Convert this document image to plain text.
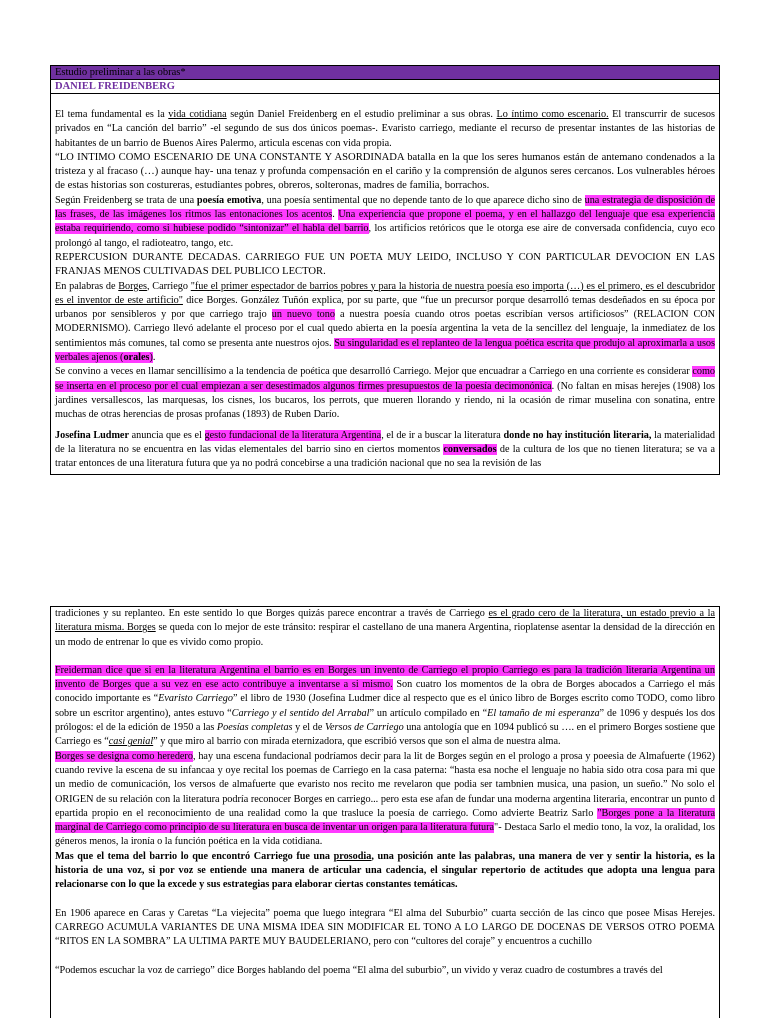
Estudio preliminar a las obras*
DANIEL FREIDENBERG

El tema fundamental es la vida cotidiana según Daniel Freidenberg en el estudio preliminar a sus obras. Lo íntimo como escenario. El transcurrir de sucesos privados en “La canción del barrio” -el segundo de sus dos únicos poemas-. Evaristo carriego, mediante el recurso de presentar instantes de las historias de habitantes de un barrio de Buenos Aires Palermo, articula escenas con vida propia.

“LO INTIMO COMO ESCENARIO DE UNA CONSTANTE Y ASORDINADA batalla en la que los seres humanos están de antemano condenados a la tristeza y al fracaso (…) aunque hay- una tenaz y profunda compensación en el cariño y la comprensión de algunos seres cercanos. Los vulnerables héroes de estas historias son costureras, estudiantes pobres, obreros, solteronas, madres de familia, borrachos.

Según Freidenberg se trata de una poesía emotiva, una poesía sentimental que no depende tanto de lo que aparece dicho sino de una estrategia de disposición de las frases, de las imágenes los ritmos las entonaciones los acentos. Una experiencia que propone el poema, y en el hallazgo del lenguaje que esa experiencia estaba requiriendo, como si hubiese podido “sintonizar” el habla del barrio, los artificios retóricos que le otorga ese aire de conversada confidencia, cuyo eco prolongó al tango, el radioteatro, tango, etc.

REPERCUSION DURANTE DECADAS. CARRIEGO FUE UN POETA MUY LEIDO, INCLUSO Y CON PARTICULAR DEVOCION EN LAS FRANJAS MENOS CULTIVADAS DEL PUBLICO LECTOR.

En palabras de Borges, Carriego "fue el primer espectador de barrios pobres y para la historia de nuestra poesía eso importa (…) es el primero, es el descubridor es el inventor de este artificio" dice Borges. González Tuñón explica, por su parte, que “fue un precursor porque desarrolló temas desdeñados en su época por urbanos por sensibleros y por que carriego trajo un nuevo tono a nuestra poesía cuando otros poetas escribían versos artificiosos” (RELACION CON MODERNISMO). Carriego llevó adelante el proceso por el cual quedo abierta en la poesía argentina la veta de la sencillez del lenguaje, la inmediatez de los sentimientos más comunes, tal como se presenta ante nuestros ojos. Su singularidad es el replanteo de la lengua poética escrita que produjo al aproximarla a usos verbales ajenos (orales).

Se convino a veces en llamar sencillísimo a la tendencia de poética que desarrolló Carriego. Mejor que encuadrar a Carriego en una corriente es considerar como se inserta en el proceso por el cual empiezan a ser desestimados algunos firmes presupuestos de la poesía decimonónica. (No faltan en misas herejes (1908) los jardines versallescos, las marquesas, los cisnes, los bucaros, los perrots, que mueren llorando y riendo, ni la ocasión de rimar muselina con sonatina, entre muchas de otras herencias de prosas profanas (1893) de Ruben Darío.

Josefina Ludmer anuncia que es el gesto fundacional de la literatura Argentina, el de ir a buscar la literatura donde no hay institución literaria, la materialidad de la literatura no se encuentra en las vidas elementales del barrio sino en ciertos momentos conversados de la cultura de los que no tienen literatura; se va a tratar entonces de una literatura futura que ya no podrá concebirse a una tradición nacional que no sea la revisión de las

tradiciones y su replanteo. En este sentido lo que Borges quizás parece encontrar a través de Carriego es el grado cero de la literatura, un estado previo a la literatura misma. Borges se queda con lo mejor de este tránsito: respirar el castellano de una manera Argentina, rioplatense asentar la densidad de la dirección en un modo de entrenar lo que es vivido como propio.

Freiderman dice que si en la literatura Argentina el barrio es en Borges un invento de Carriego el propio Carriego es para la tradición literaria Argentina un invento de Borges que a su vez en ese acto contribuye a inventarse a si mismo. Son cuatro los momentos de la obra de Borges abocados a Carriego el más conocido importante es “Evaristo Carriego” el libro de 1930 (Josefina Ludmer dice al respecto que es el único libro de Borges escrito como TODO, como libro sobre un escritor argentino), antes estuvo “Carriego y el sentido del Arrabal” un artículo compilado en “El tamaño de mi esperanza” de 1096 y después los dos prólogos: el de la edición de 1950 a las Poesías completas y el de Versos de Carriego una antología que en 1094 publicó su …. en el primero Borges sostiene que Carriego es “casi genial” y que miro al barrio con mirada eternizadora, que escribió versos que son el alma de nuestra alma.

Borges se designa como heredero, hay una escena fundacional podríamos decir para la lit de Borges según en el prologo a prosa y poeesia de Almafuerte (1962) cuando revive la escena de su infancaa y oye recital los poemas de Carriego en la casa paterna: “hasta esa noche el lenguaje no habia sido otra cosa para mi que un medio de comunicación, los versos de almafuerte que evaristo nos recito me revelaron que podia ser tambnien musica, una pasion, un sueño.” No solo el ORIGEN de su relación con la literatura podría reconocer Borges en carriego... pero esta ese afan de fundar una moderna argentina literaria, encontrar un punto d epartida propio en el reconocimiento de una realidad como la que trasluce la poesía de carriego. Como advierte Beatriz Sarlo "Borges pone a la literatura marginal de Carriego como principio de su literatura en busca de inventar un origen para la literatura futura"- Destaca Sarlo el medio tono, la voz, la oralidad, los géneros menos, la ironía o la función poética en la vida cotidiana.

Mas que el tema del barrio lo que encontró Carriego fue una prosodia, una posición ante las palabras, una manera de ver y sentir la historia, es la historia de una voz, si por voz se entiende una manera de articular una cadencia, el singular repertorio de actitudes que adopta una lengua para relacionarse con lo que la excede y sus estrategias para elaborar ciertas constantes temáticas.

En 1906 aparece en Caras y Caretas “La viejecita” poema que luego integrara “El alma del Suburbio” cuarta sección de las cinco que posee Misas Herejes. CARREGO ACUMULA VARIANTES DE UNA MISMA IDEA SIN MODIFICAR EL TONO A LO LARGO DE DOCENAS DE VERSOS OTRO POEMA “RITOS EN LA SOMBRA” LA ULTIMA PARTE MUY BAUDELERIANO, pero con “cultores del coraje” y encuentros a cuchillo

“Podemos escuchar la voz de carriego” dice Borges hablando del poema “El alma del suburbio”, un vivido y veraz cuadro de costumbres a través del
